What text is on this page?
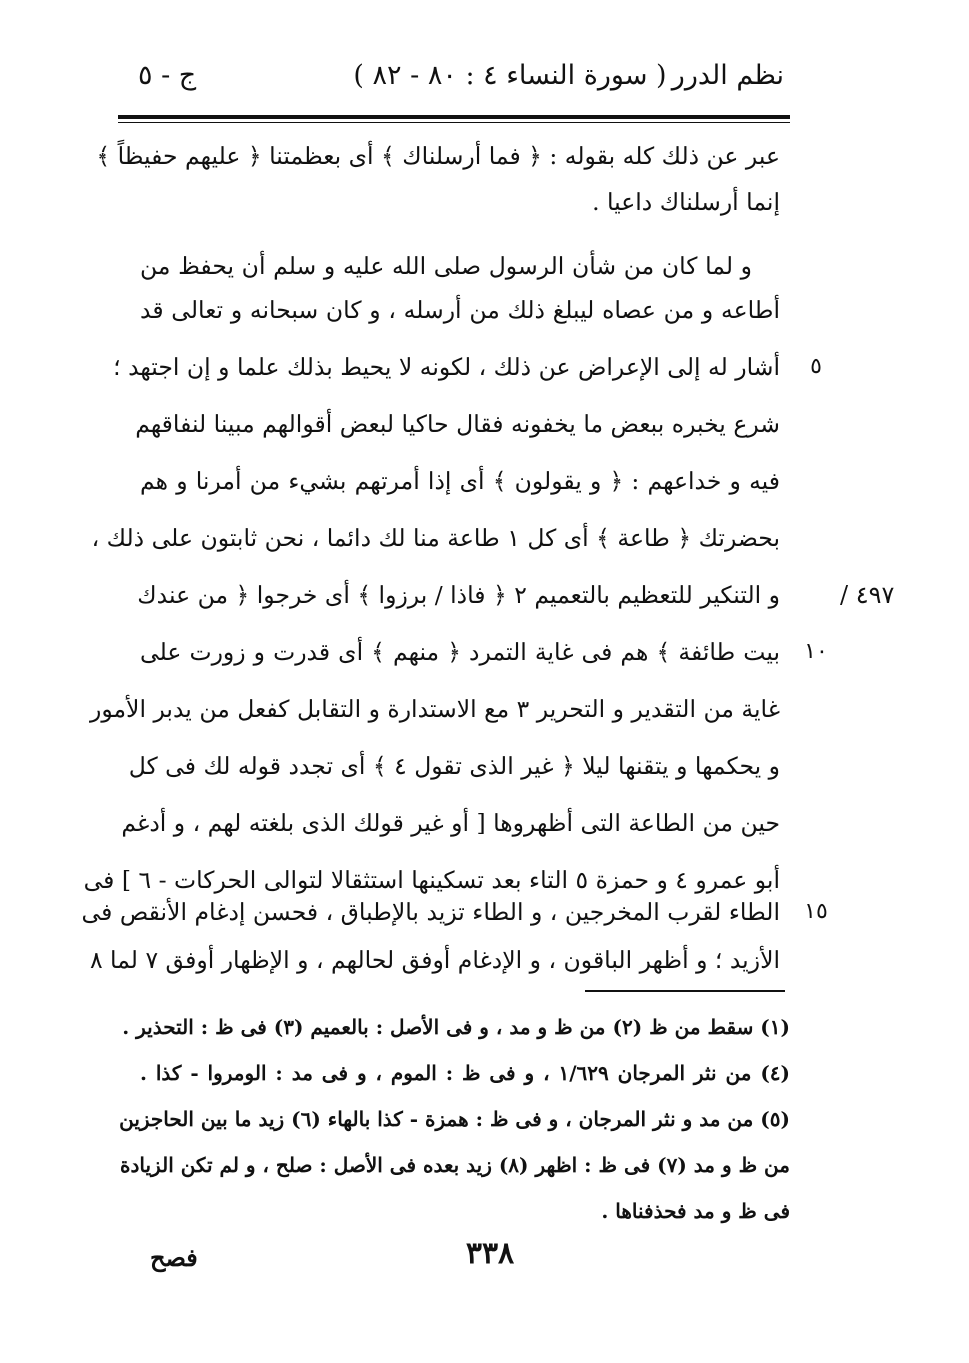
نظم الدرر
( سورة النساء ٤ : ٨٠ - ٨٢ )
ج - ٥
عبر عن ذلك كله بقوله : ﴿ فما أرسلناك ﴾ أى بعظمتنا ﴿ عليهم حفيظاً ﴾
إنما أرسلناك داعيا .
و لما كان من شأن الرسول صلى الله عليه و سلم أن يحفظ من
أطاعه و من عصاه ليبلغ ذلك من أرسله ، و كان سبحانه و تعالى قد
أشار له إلى الإعراض عن ذلك ، لكونه لا يحيط بذلك علما و إن اجتهد ؛
شرع يخبره ببعض ما يخفونه فقال حاكيا لبعض أقوالهم مبينا لنفاقهم
فيه و خداعهم : ﴿ و يقولون ﴾ أى إذا أمرتهم بشيء من أمرنا و هم
بحضرتك ﴿ طاعة ﴾ أى كل ١ طاعة منا لك دائما ، نحن ثابتون على ذلك ،
و التنكير للتعظيم بالتعميم ٢ ﴿ فاذا / برزوا ﴾ أى خرجوا ﴿ من عندك
بيت طائفة ﴾ هم فى غاية التمرد ﴿ منهم ﴾ أى قدرت و زورت على
غاية من التقدير و التحرير ٣ مع الاستدارة و التقابل كفعل من يدبر الأمور
و يحكمها و يتقنها ليلا ﴿ غير الذى تقول ٤ ﴾ أى تجدد قوله لك فى كل
حين من الطاعة التى أظهروها [ أو غير قولك الذى بلغته لهم ، و أدغم
أبو عمرو ٤ و حمزة ٥ التاء بعد تسكينها استثقالا لتوالى الحركات - ٦ ] فى
الطاء لقرب المخرجين ، و الطاء تزيد بالإطباق ، فحسن إدغام الأنقص فى
الأزيد ؛ و أظهر الباقون ، و الإدغام أوفق لحالهم ، و الإظهار أوفق ٧ لما ٨
٥
١٠
١٥
٤٩٧ /
(١) سقط من ظ (٢) من ظ و مد ، و فى الأصل : بالعميم (٣) فى ظ : التحذير .
(٤) من نثر المرجان ١/٦٢٩ ، و فى ظ : الموم ، و فى مد : الومروا - كذا .
(٥) من مد و نثر المرجان ، و فى ظ : همزة - كذا بالهاء (٦) زيد ما بين الحاجزين
من ظ و مد (٧) فى ظ : اظهر (٨) زيد بعده فى الأصل : صلح ، و لم تكن الزيادة
فى ظ و مد فحذفناها .
٣٣٨
فصح
